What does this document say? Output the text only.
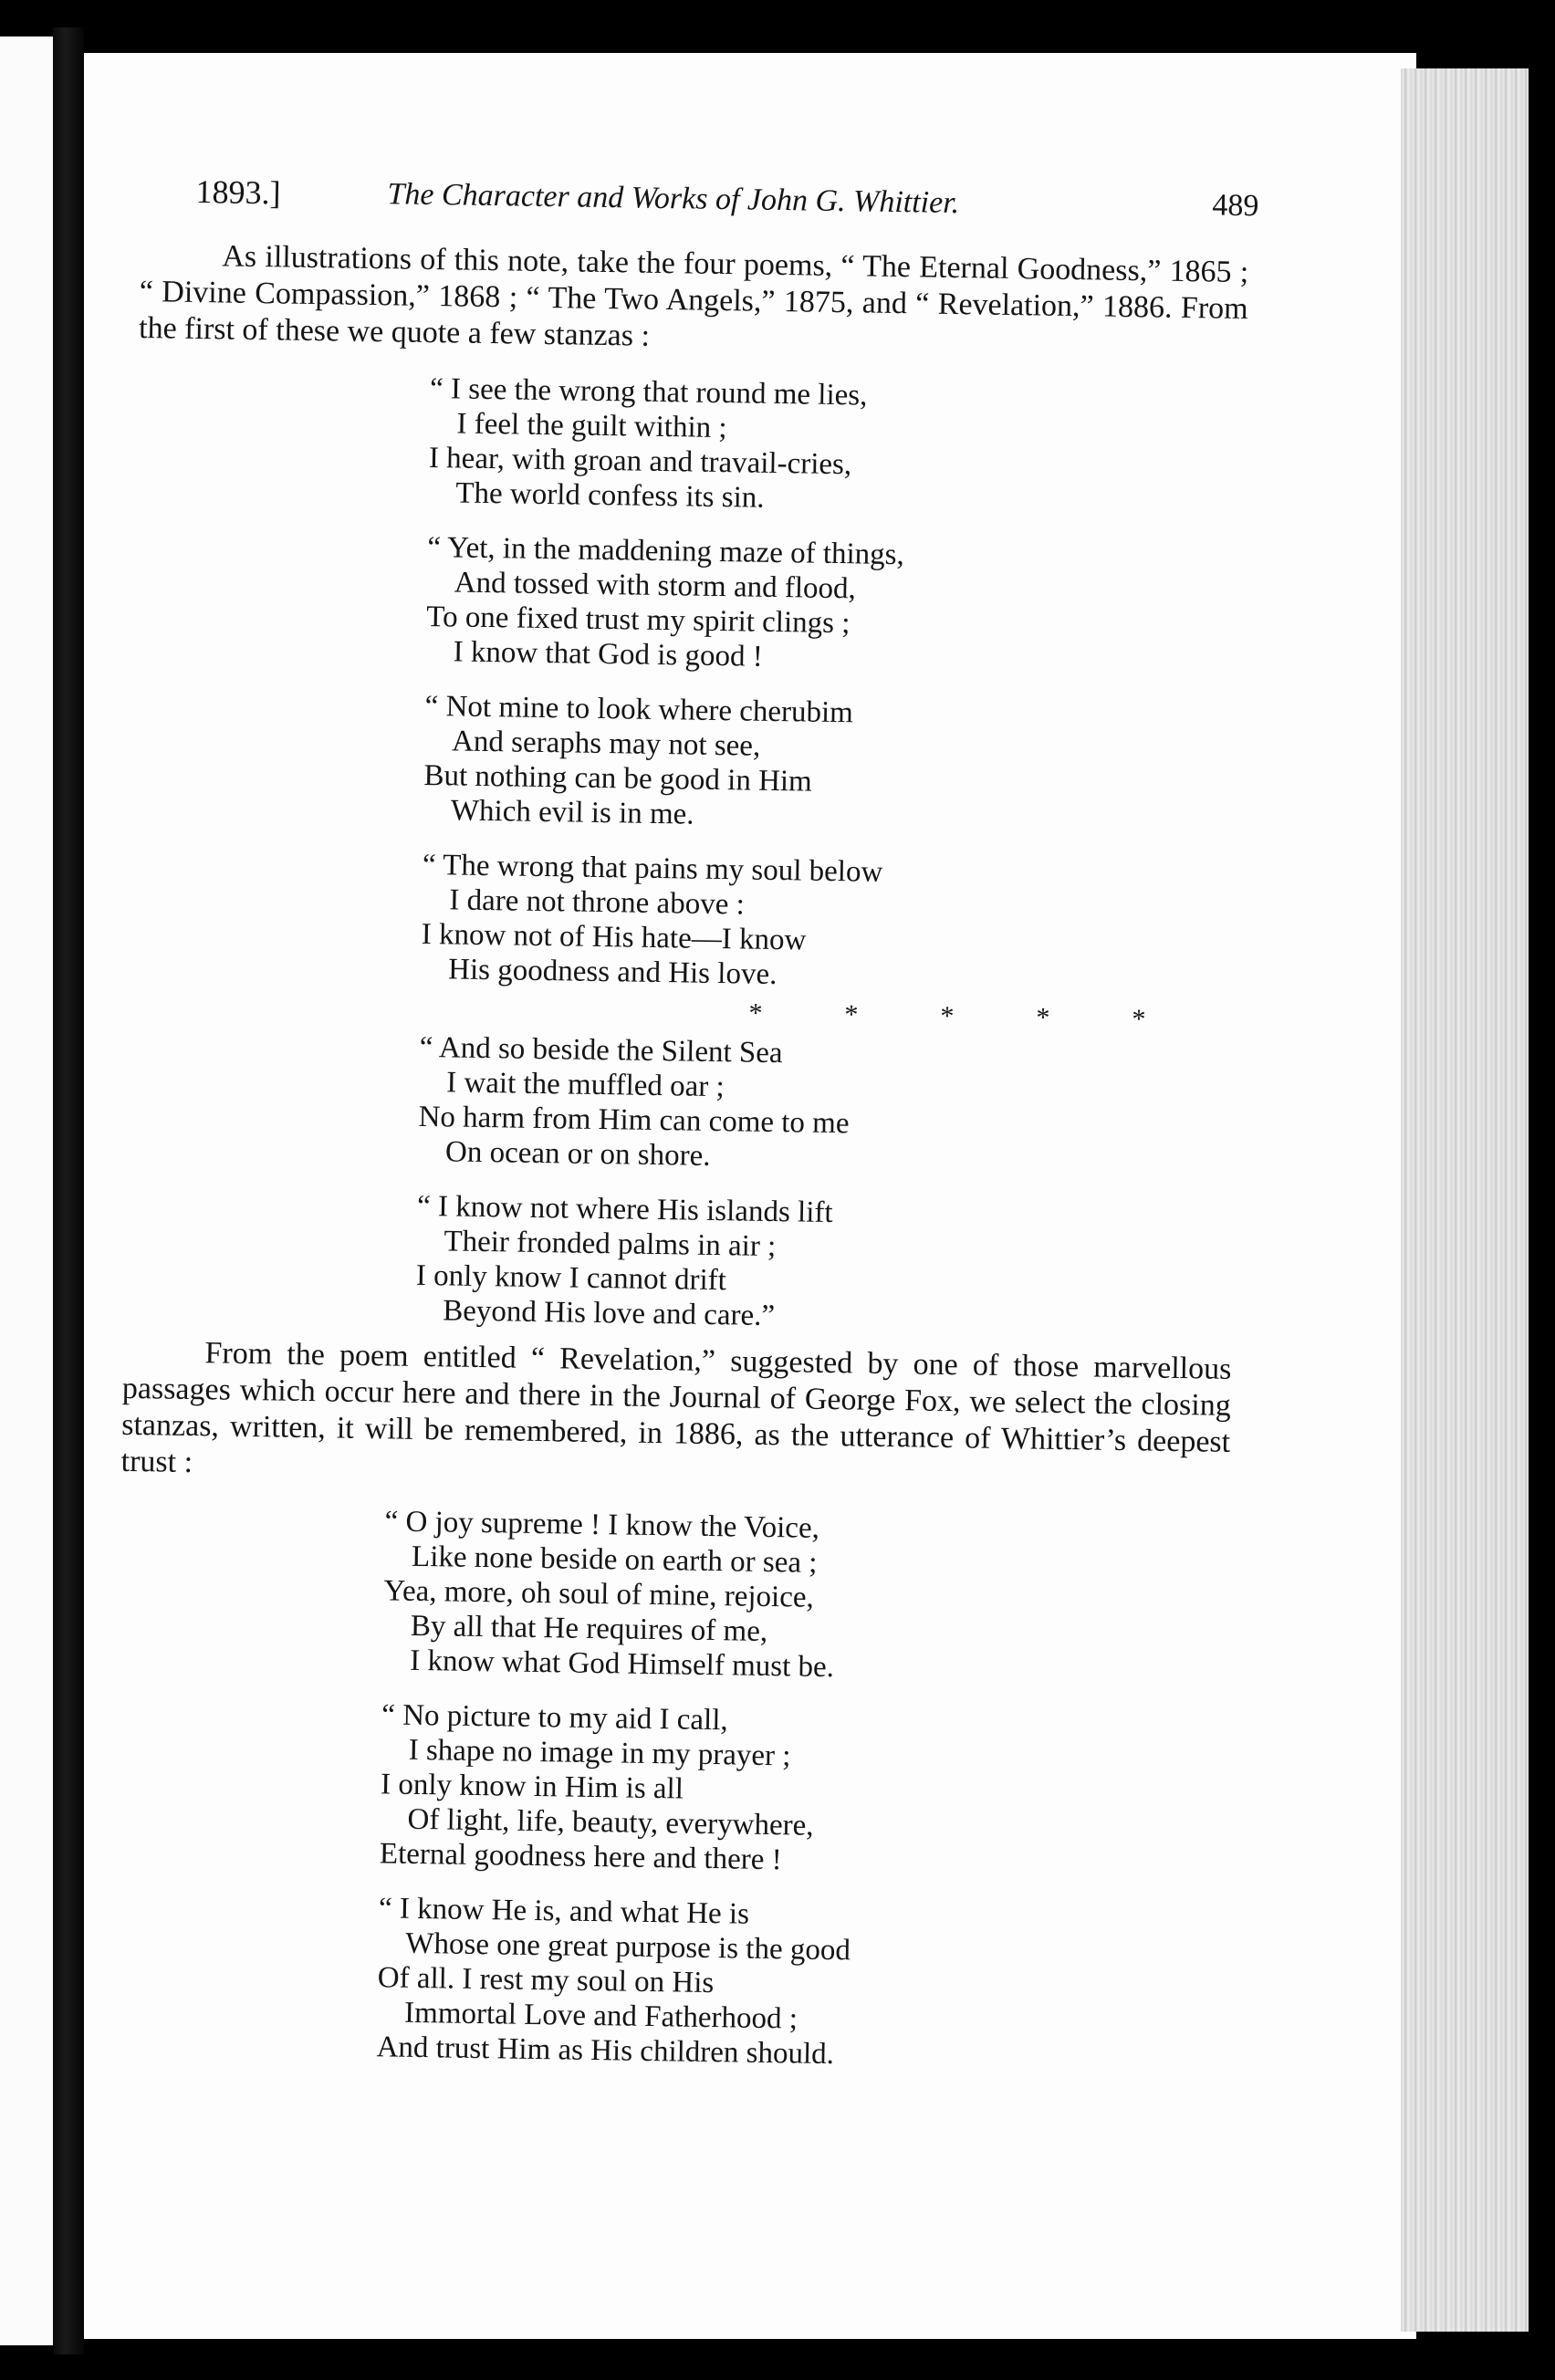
1893.]	The Character and Works of John G. Whittier.	489

As illustrations of this note, take the four poems, “ The Eternal Goodness,” 1865 ; “ Divine Compassion,” 1868 ; “ The Two Angels,” 1875, and “ Revelation,” 1886. From the first of these we quote a few stanzas :

“ I see the wrong that round me lies,
I feel the guilt within ;
I hear, with groan and travail-cries,
The world confess its sin.
“ Yet, in the maddening maze of things,
And tossed with storm and flood,
To one fixed trust my spirit clings ;
I know that God is good !
“ Not mine to look where cherubim
And seraphs may not see,
But nothing can be good in Him
Which evil is in me.
“ The wrong that pains my soul below
I dare not throne above :
I know not of His hate—I know
His goodness and His love.
*	*	*	*	*
“ And so beside the Silent Sea
I wait the muffled oar ;
No harm from Him can come to me
On ocean or on shore.
“ I know not where His islands lift
Their fronded palms in air ;
I only know I cannot drift
Beyond His love and care.”

From the poem entitled “ Revelation,” suggested by one of those marvellous passages which occur here and there in the Journal of George Fox, we select the closing stanzas, written, it will be remembered, in 1886, as the utterance of Whittier’s deepest trust :

“ O joy supreme ! I know the Voice,
Like none beside on earth or sea ;
Yea, more, oh soul of mine, rejoice,
By all that He requires of me,
I know what God Himself must be.
“ No picture to my aid I call,
I shape no image in my prayer ;
I only know in Him is all
Of light, life, beauty, everywhere,
Eternal goodness here and there !
“ I know He is, and what He is
Whose one great purpose is the good
Of all. I rest my soul on His
Immortal Love and Fatherhood ;
And trust Him as His children should.
